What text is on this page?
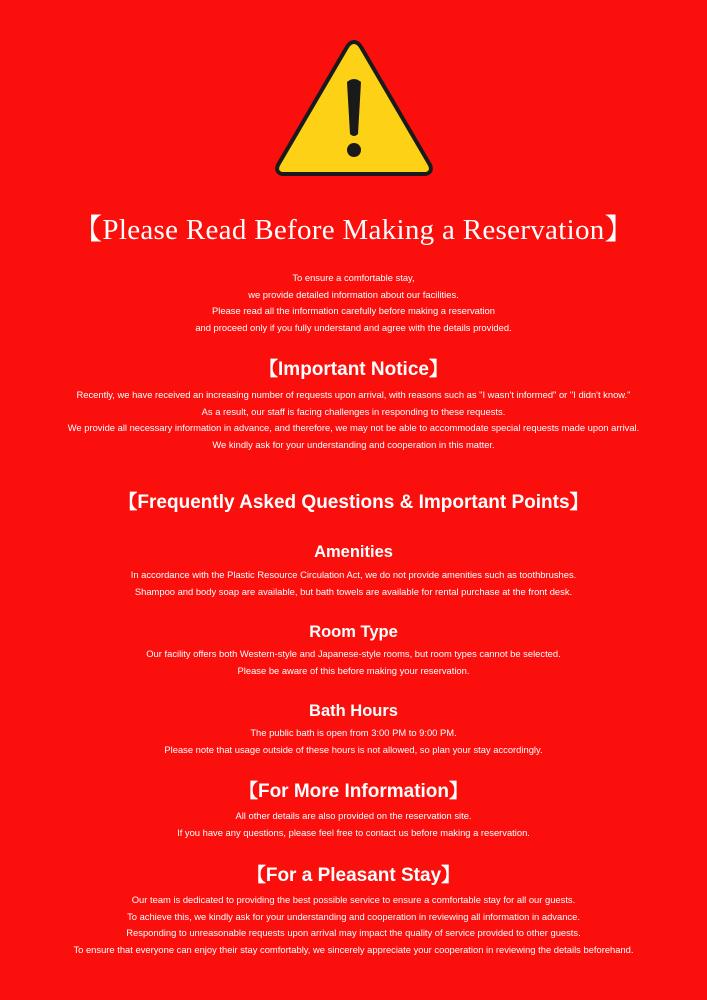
【Please Read Before Making a Reservation】

To ensure a comfortable stay,

we provide detailed information about our facilities.

Please read all the information carefully before making a reservation

and proceed only if you fully understand and agree with the details provided.

【Important Notice】

Recently, we have received an increasing number of requests upon arrival, with reasons such as "I wasn't informed" or "I didn't know."

As a result, our staff is facing challenges in responding to these requests.

We provide all necessary information in advance, and therefore, we may not be able to accommodate special requests made upon arrival.

We kindly ask for your understanding and cooperation in this matter.

【Frequently Asked Questions & Important Points】
Amenities

In accordance with the Plastic Resource Circulation Act, we do not provide amenities such as toothbrushes.

Shampoo and body soap are available, but bath towels are available for rental purchase at the front desk.

Room Type

Our facility offers both Western-style and Japanese-style rooms, but room types cannot be selected.

Please be aware of this before making your reservation.

Bath Hours

The public bath is open from 3:00 PM to 9:00 PM.

Please note that usage outside of these hours is not allowed, so plan your stay accordingly.

【For More Information】

All other details are also provided on the reservation site.

If you have any questions, please feel free to contact us before making a reservation.

【For a Pleasant Stay】

Our team is dedicated to providing the best possible service to ensure a comfortable stay for all our guests.

To achieve this, we kindly ask for your understanding and cooperation in reviewing all information in advance.

Responding to unreasonable requests upon arrival may impact the quality of service provided to other guests.

To ensure that everyone can enjoy their stay comfortably, we sincerely appreciate your cooperation in reviewing the details beforehand.
